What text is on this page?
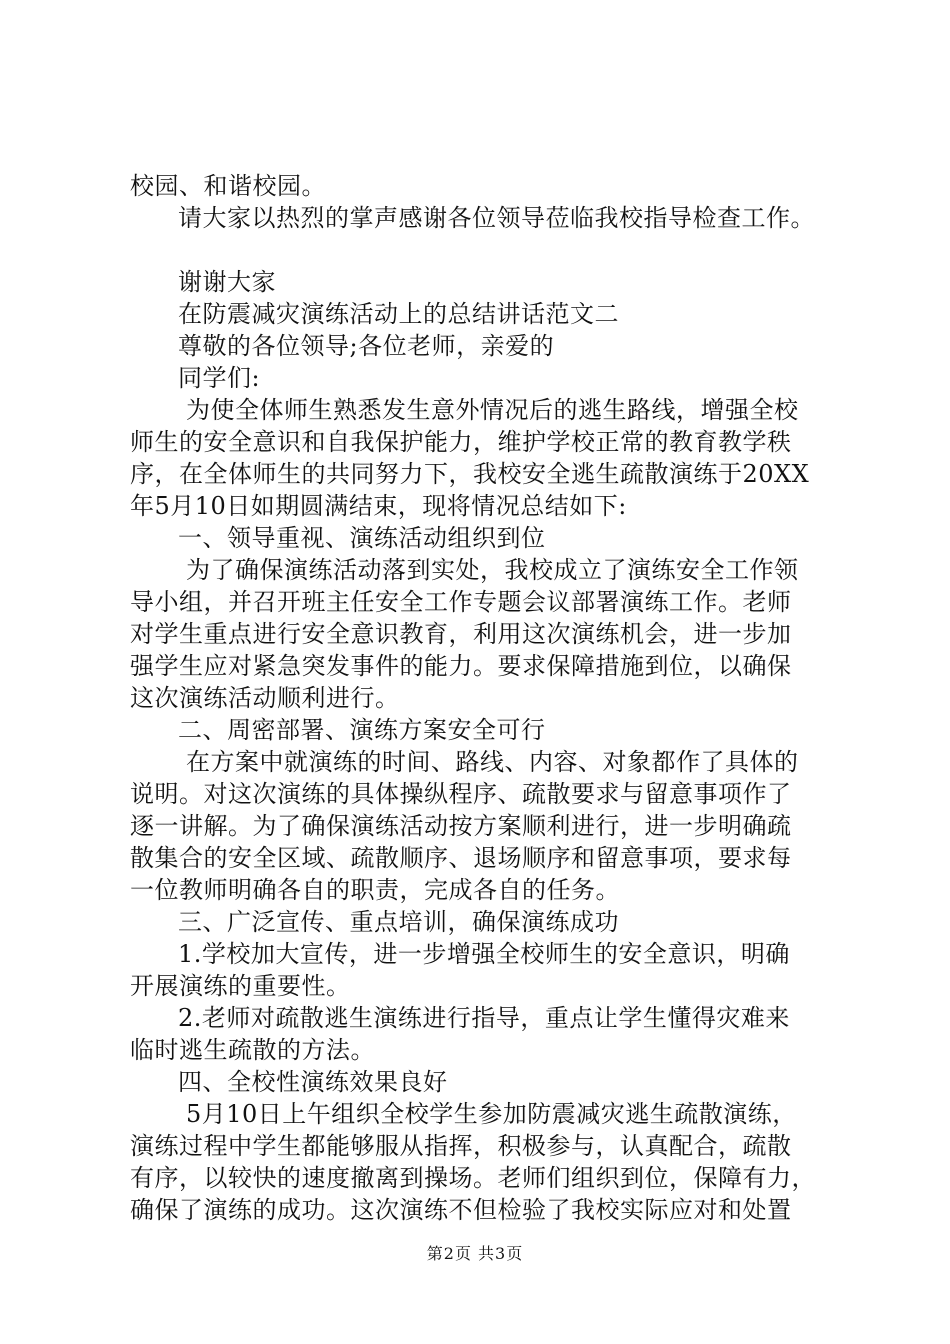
校园、和谐校园。

请大家以热烈的掌声感谢各位领导莅临我校指导检查工作。

谢谢大家

在防震减灾演练活动上的总结讲话范文二

尊敬的各位领导;各位老师，亲爱的

同学们:

为使全体师生熟悉发生意外情况后的逃生路线，增强全校

师生的安全意识和自我保护能力，维护学校正常的教育教学秩

序，在全体师生的共同努力下，我校安全逃生疏散演练于20XX

年5月10日如期圆满结束，现将情况总结如下:

一、领导重视、演练活动组织到位

为了确保演练活动落到实处，我校成立了演练安全工作领

导小组，并召开班主任安全工作专题会议部署演练工作。老师

对学生重点进行安全意识教育，利用这次演练机会，进一步加

强学生应对紧急突发事件的能力。要求保障措施到位，以确保

这次演练活动顺利进行。

二、周密部署、演练方案安全可行

在方案中就演练的时间、路线、内容、对象都作了具体的

说明。对这次演练的具体操纵程序、疏散要求与留意事项作了

逐一讲解。为了确保演练活动按方案顺利进行，进一步明确疏

散集合的安全区域、疏散顺序、退场顺序和留意事项，要求每

一位教师明确各自的职责，完成各自的任务。

三、广泛宣传、重点培训，确保演练成功

1.学校加大宣传，进一步增强全校师生的安全意识，明确

开展演练的重要性。

2.老师对疏散逃生演练进行指导，重点让学生懂得灾难来

临时逃生疏散的方法。

四、全校性演练效果良好

5月10日上午组织全校学生参加防震减灾逃生疏散演练，

演练过程中学生都能够服从指挥，积极参与，认真配合，疏散

有序，以较快的速度撤离到操场。老师们组织到位，保障有力，

确保了演练的成功。这次演练不但检验了我校实际应对和处置

第2页 共3页
